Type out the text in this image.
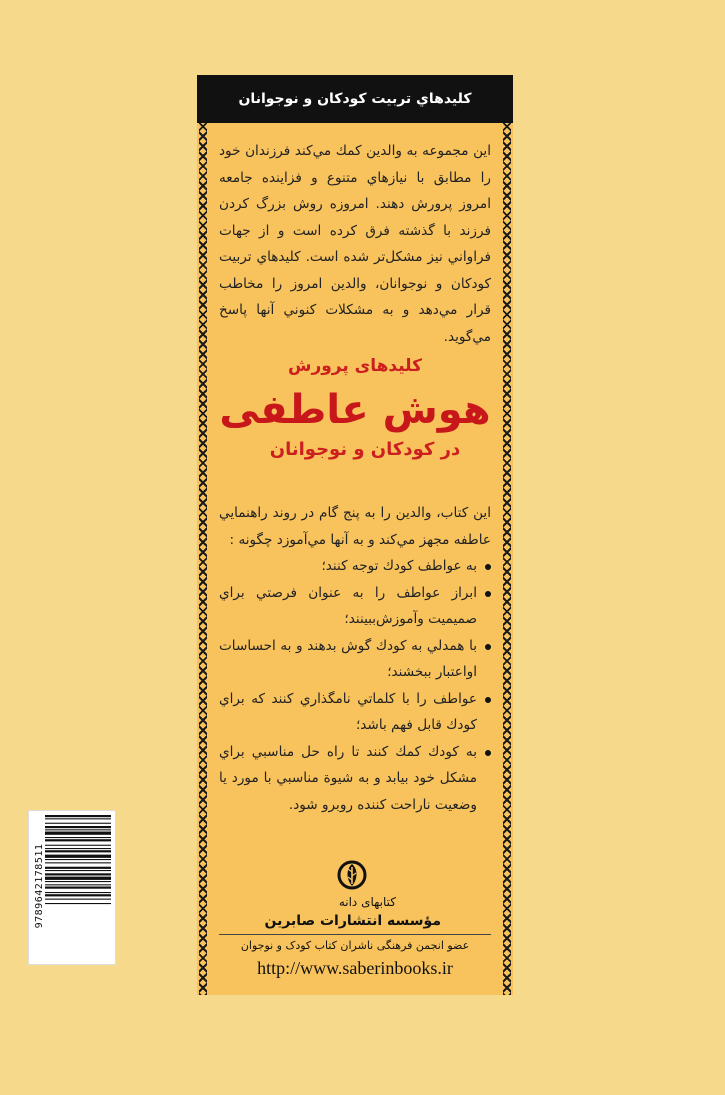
كليدهاي تربيت كودكان و نوجوانان
اين مجموعه به والدين كمك مي‌كند فرزندان خود را مطابق با نيازهاي متنوع و فزاينده جامعه امروز پرورش دهند. امروزه روش بزرگ كردن فرزند با گذشته فرق كرده است و از جهات فراواني نيز مشكل‌تر شده است. كليدهاي تربيت كودكان و نوجوانان، والدين امروز را مخاطب قرار مي‌دهد و به مشكلات كنوني آنها پاسخ مي‌گويد.
کلیدهای پرورش
هوش عاطفی
در کودکان و نوجوانان

اين كتاب، والدين را به پنج گام در روند راهنمايي عاطفه مجهز مي‌كند و به آنها مي‌آموزد چگونه :

به عواطف كودك توجه كنند؛
ابراز عواطف را به عنوان فرصتي براي صميميت وآموزش‌ببينند؛
با همدلي به كودك گوش بدهند و به احساسات اواعتبار ببخشند؛
عواطف را با كلماتي نامگذاري كنند كه براي كودك قابل فهم باشد؛
به كودك كمك كنند تا راه حل مناسبي براي مشكل خود بيابد و به شيوة مناسبي با مورد يا وضعيت ناراحت كننده روبرو شود.
کتابهای دانه
مؤسسه انتشارات صابرین
عضو انجمن فرهنگی ناشران کتاب کودک و نوجوان
http://www.saberinbooks.ir
9789642178511
